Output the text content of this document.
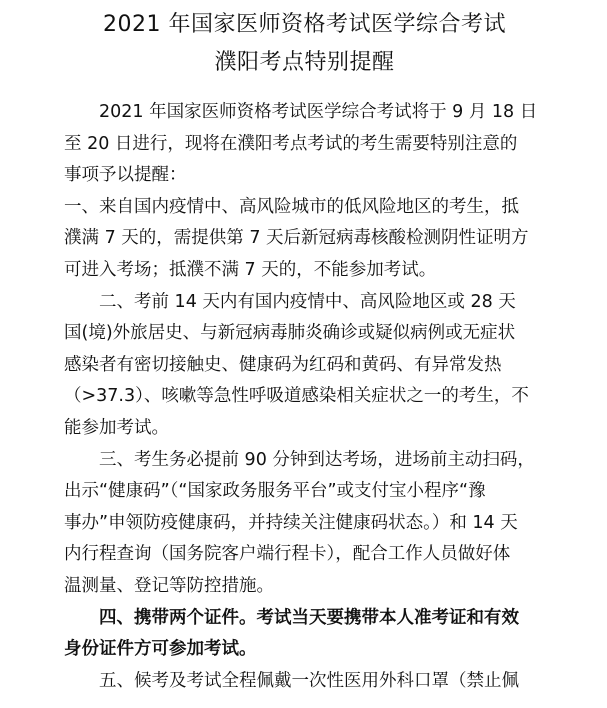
2021 年国家医师资格考试医学综合考试
濮阳考点特别提醒

2021 年国家医师资格考试医学综合考试将于 9 月 18 日
至 20 日进行，现将在濮阳考点考试的考生需要特别注意的
事项予以提醒：

一、来自国内疫情中、高风险城市的低风险地区的考生，抵
濮满 7 天的，需提供第 7 天后新冠病毒核酸检测阴性证明方
可进入考场；抵濮不满 7 天的，不能参加考试。

二、考前 14 天内有国内疫情中、高风险地区或 28 天
国(境)外旅居史、与新冠病毒肺炎确诊或疑似病例或无症状
感染者有密切接触史、健康码为红码和黄码、有异常发热
（>37.3）、咳嗽等急性呼吸道感染相关症状之一的考生，不
能参加考试。

三、考生务必提前 90 分钟到达考场，进场前主动扫码，
出示“健康码”（“国家政务服务平台”或支付宝小程序“豫
事办”申领防疫健康码，并持续关注健康码状态。）和 14 天
内行程查询（国务院客户端行程卡），配合工作人员做好体
温测量、登记等防控措施。

四、携带两个证件。考试当天要携带本人准考证和有效
身份证件方可参加考试。

五、候考及考试全程佩戴一次性医用外科口罩（禁止佩
